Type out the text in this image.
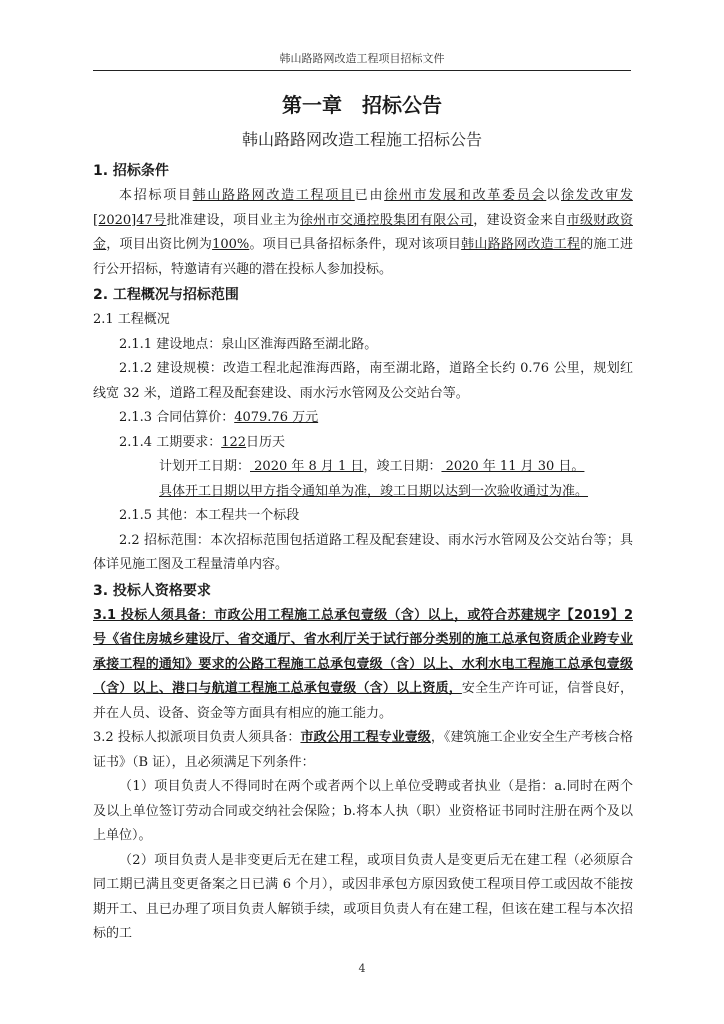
韩山路路网改造工程项目招标文件
第一章　招标公告
韩山路路网改造工程施工招标公告
1. 招标条件

本招标项目韩山路路网改造工程项目已由徐州市发展和改革委员会以徐发改审发[2020]47号批准建设，项目业主为徐州市交通控股集团有限公司，建设资金来自市级财政资金，项目出资比例为100%。项目已具备招标条件，现对该项目韩山路路网改造工程的施工进行公开招标，特邀请有兴趣的潜在投标人参加投标。

2. 工程概况与招标范围

2.1 工程概况

2.1.1 建设地点：泉山区淮海西路至湖北路。

2.1.2 建设规模：改造工程北起淮海西路，南至湖北路，道路全长约 0.76 公里，规划红线宽 32 米，道路工程及配套建设、雨水污水管网及公交站台等。

2.1.3 合同估算价：4079.76 万元

2.1.4 工期要求：122日历天

计划开工日期： 2020 年 8 月 1 日，竣工日期： 2020 年 11 月 30 日。

具体开工日期以甲方指令通知单为准，竣工日期以达到一次验收通过为准。

2.1.5 其他：本工程共一个标段

2.2 招标范围：本次招标范围包括道路工程及配套建设、雨水污水管网及公交站台等；具体详见施工图及工程量清单内容。

3. 投标人资格要求

3.1 投标人须具备：市政公用工程施工总承包壹级（含）以上，或符合苏建规字【2019】2 号《省住房城乡建设厅、省交通厅、省水利厅关于试行部分类别的施工总承包资质企业跨专业承接工程的通知》要求的公路工程施工总承包壹级（含）以上、水利水电工程施工总承包壹级（含）以上、港口与航道工程施工总承包壹级（含）以上资质，安全生产许可证，信誉良好，并在人员、设备、资金等方面具有相应的施工能力。

3.2 投标人拟派项目负责人须具备：市政公用工程专业壹级，《建筑施工企业安全生产考核合格证书》（B 证），且必须满足下列条件：

（1）项目负责人不得同时在两个或者两个以上单位受聘或者执业（是指：a.同时在两个及以上单位签订劳动合同或交纳社会保险；b.将本人执（职）业资格证书同时注册在两个及以上单位）。

（2）项目负责人是非变更后无在建工程，或项目负责人是变更后无在建工程（必须原合同工期已满且变更备案之日已满 6 个月），或因非承包方原因致使工程项目停工或因故不能按期开工、且已办理了项目负责人解锁手续，或项目负责人有在建工程，但该在建工程与本次招标的工

4
